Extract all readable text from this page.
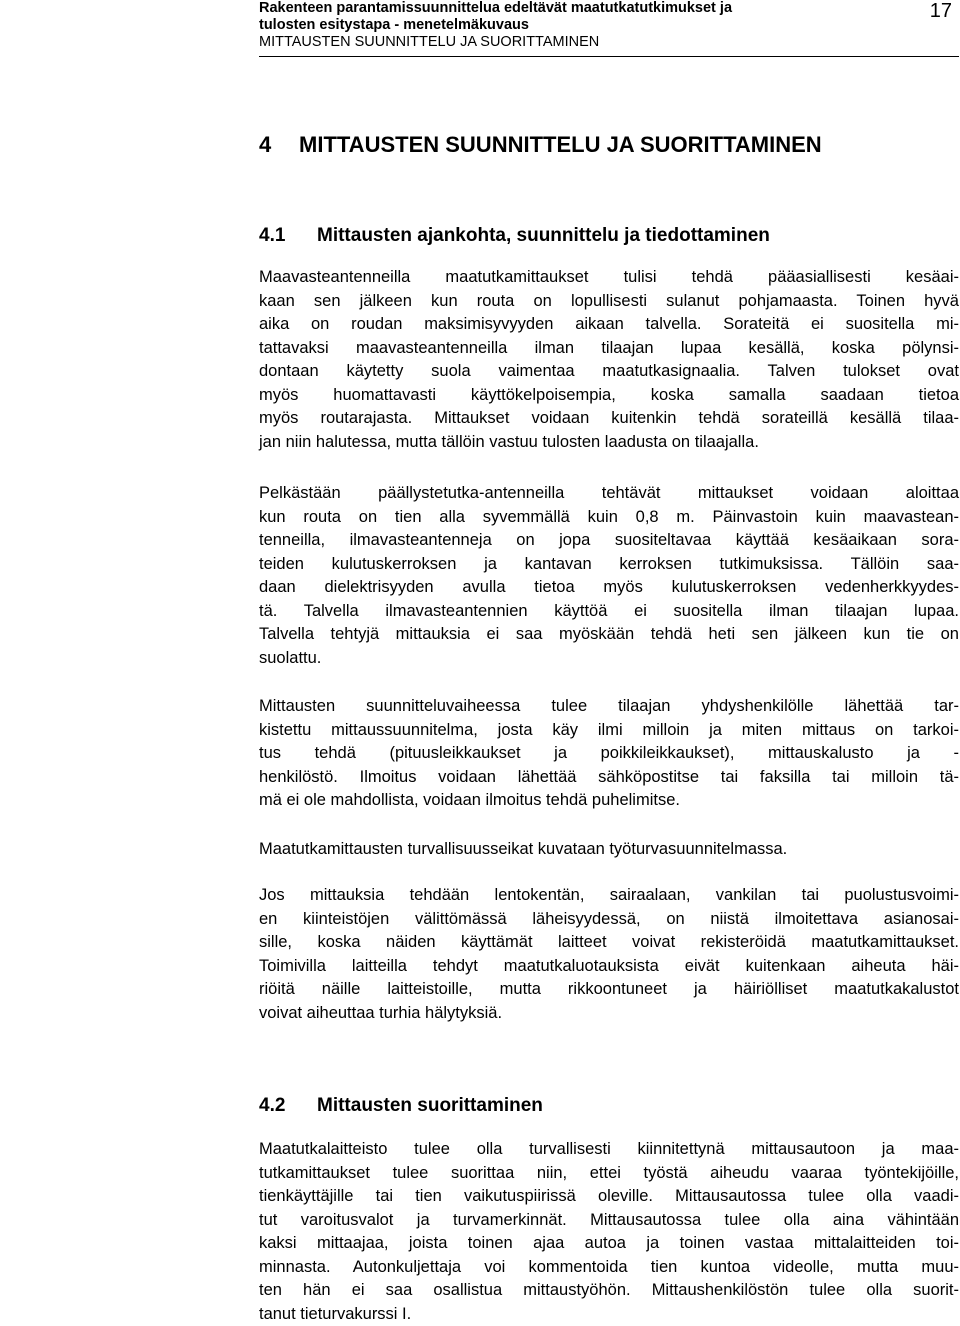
Rakenteen parantamissuunnittelua edeltävät maatutkatutkimukset ja
tulosten esitystapa - menetelmäkuvaus
MITTAUSTEN SUUNNITTELU JA SUORITTAMINEN
17
4 MITTAUSTEN SUUNNITTELU JA SUORITTAMINEN
4.1 Mittausten ajankohta, suunnittelu ja tiedottaminen
Maavasteantenneilla maatutkamittaukset tulisi tehdä pääasiallisesti kesäai-
kaan sen jälkeen kun routa on lopullisesti sulanut pohjamaasta. Toinen hyvä
aika on roudan maksimisyvyyden aikaan talvella. Sorateitä ei suositella mi-
tattavaksi maavasteantenneilla ilman tilaajan lupaa kesällä, koska pölynsi-
dontaan käytetty suola vaimentaa maatutkasignaalia. Talven tulokset ovat
myös huomattavasti käyttökelpoisempia, koska samalla saadaan tietoa
myös routarajasta. Mittaukset voidaan kuitenkin tehdä sorateillä kesällä tilaa-
jan niin halutessa, mutta tällöin vastuu tulosten laadusta on tilaajalla.
Pelkästään päällystetutka-antenneilla tehtävät mittaukset voidaan aloittaa
kun routa on tien alla syvemmällä kuin 0,8 m. Päinvastoin kuin maavastean-
tenneilla, ilmavasteantenneja on jopa suositeltavaa käyttää kesäaikaan sora-
teiden kulutuskerroksen ja kantavan kerroksen tutkimuksissa. Tällöin saa-
daan dielektrisyyden avulla tietoa myös kulutuskerroksen vedenherkkyydes-
tä. Talvella ilmavasteantennien käyttöä ei suositella ilman tilaajan lupaa.
Talvella tehtyjä mittauksia ei saa myöskään tehdä heti sen jälkeen kun tie on
suolattu.
Mittausten suunnitteluvaiheessa tulee tilaajan yhdyshenkilölle lähettää tar-
kistettu mittaussuunnitelma, josta käy ilmi milloin ja miten mittaus on tarkoi-
tus tehdä (pituusleikkaukset ja poikkileikkaukset), mittauskalusto ja -
henkilöstö. Ilmoitus voidaan lähettää sähköpostitse tai faksilla tai milloin tä-
mä ei ole mahdollista, voidaan ilmoitus tehdä puhelimitse.
Maatutkamittausten turvallisuusseikat kuvataan työturvasuunnitelmassa.
Jos mittauksia tehdään lentokentän, sairaalaan, vankilan tai puolustusvoimi-
en kiinteistöjen välittömässä läheisyydessä, on niistä ilmoitettava asianosai-
sille, koska näiden käyttämät laitteet voivat rekisteröidä maatutkamittaukset.
Toimivilla laitteilla tehdyt maatutkaluotauksista eivät kuitenkaan aiheuta häi-
riöitä näille laitteistoille, mutta rikkoontuneet ja häiriölliset maatutkakalustot
voivat aiheuttaa turhia hälytyksiä.
4.2 Mittausten suorittaminen
Maatutkalaitteisto tulee olla turvallisesti kiinnitettynä mittausautoon ja maa-
tutkamittaukset tulee suorittaa niin, ettei työstä aiheudu vaaraa työntekijöille,
tienkäyttäjille tai tien vaikutuspiirissä oleville. Mittausautossa tulee olla vaadi-
tut varoitusvalot ja turvamerkinnät. Mittausautossa tulee olla aina vähintään
kaksi mittaajaa, joista toinen ajaa autoa ja toinen vastaa mittalaitteiden toi-
minnasta. Autonkuljettaja voi kommentoida tien kuntoa videolle, mutta muu-
ten hän ei saa osallistua mittaustyöhön. Mittaushenkilöstön tulee olla suorit-
tanut tieturvakurssi I.
